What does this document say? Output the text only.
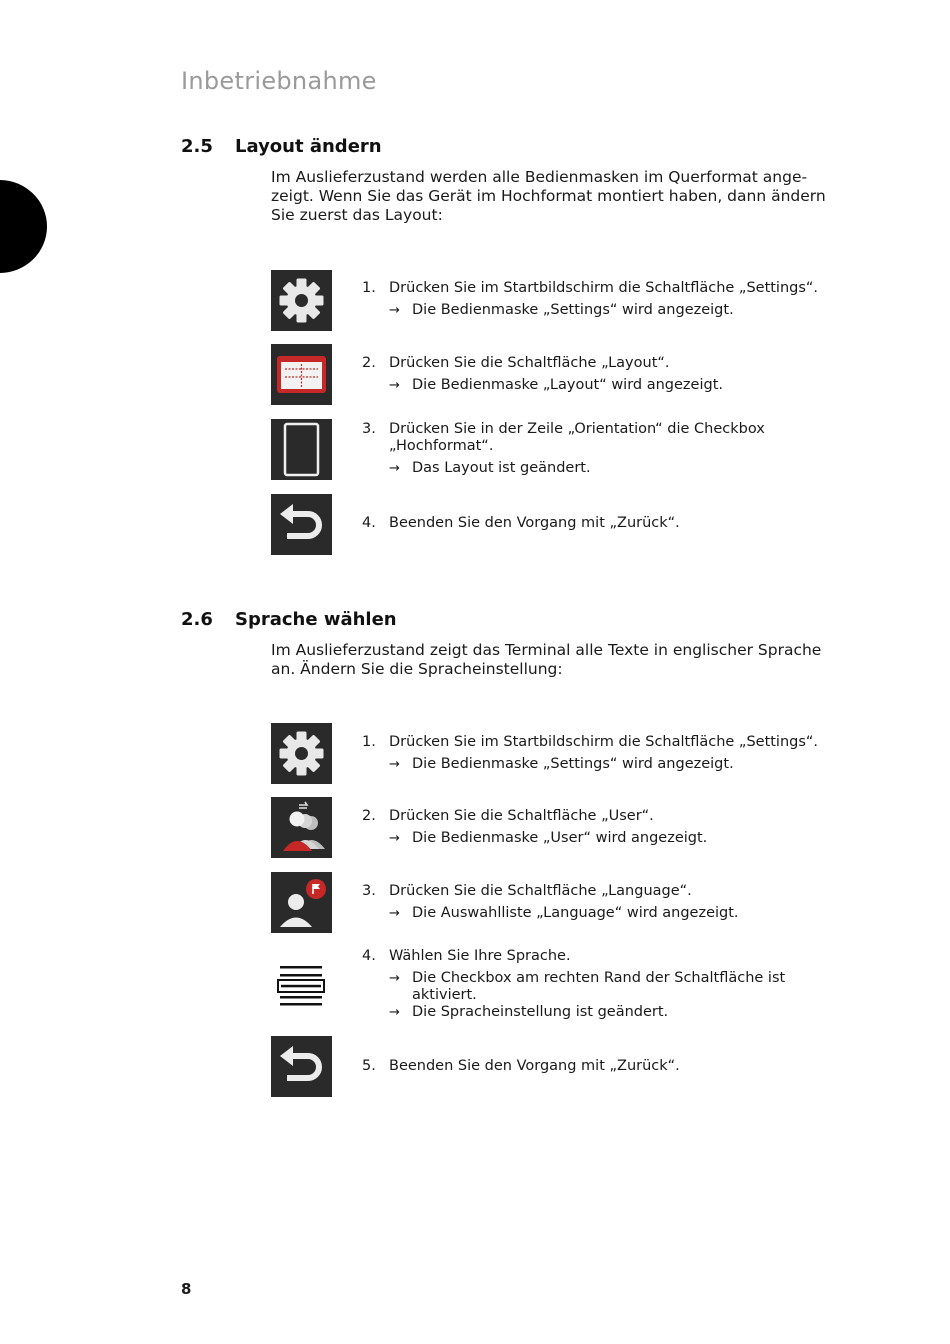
Inbetriebnahme
2.5 Layout ändern
Im Auslieferzustand werden alle Bedienmasken im Querformat ange-
zeigt. Wenn Sie das Gerät im Hochformat montiert haben, dann ändern
Sie zuerst das Layout:
1. Drücken Sie im Startbildschirm die Schaltfläche „Settings“.
→ Die Bedienmaske „Settings“ wird angezeigt.
2. Drücken Sie die Schaltfläche „Layout“.
→ Die Bedienmaske „Layout“ wird angezeigt.
3. Drücken Sie in der Zeile „Orientation“ die Checkbox
„Hochformat“.
→ Das Layout ist geändert.
4. Beenden Sie den Vorgang mit „Zurück“.
2.6 Sprache wählen
Im Auslieferzustand zeigt das Terminal alle Texte in englischer Sprache
an. Ändern Sie die Spracheinstellung:
1. Drücken Sie im Startbildschirm die Schaltfläche „Settings“.
→ Die Bedienmaske „Settings“ wird angezeigt.
2. Drücken Sie die Schaltfläche „User“.
→ Die Bedienmaske „User“ wird angezeigt.
3. Drücken Sie die Schaltfläche „Language“.
→ Die Auswahlliste „Language“ wird angezeigt.
4. Wählen Sie Ihre Sprache.
→ Die Checkbox am rechten Rand der Schaltfläche ist
aktiviert.
→ Die Spracheinstellung ist geändert.
5. Beenden Sie den Vorgang mit „Zurück“.
8
